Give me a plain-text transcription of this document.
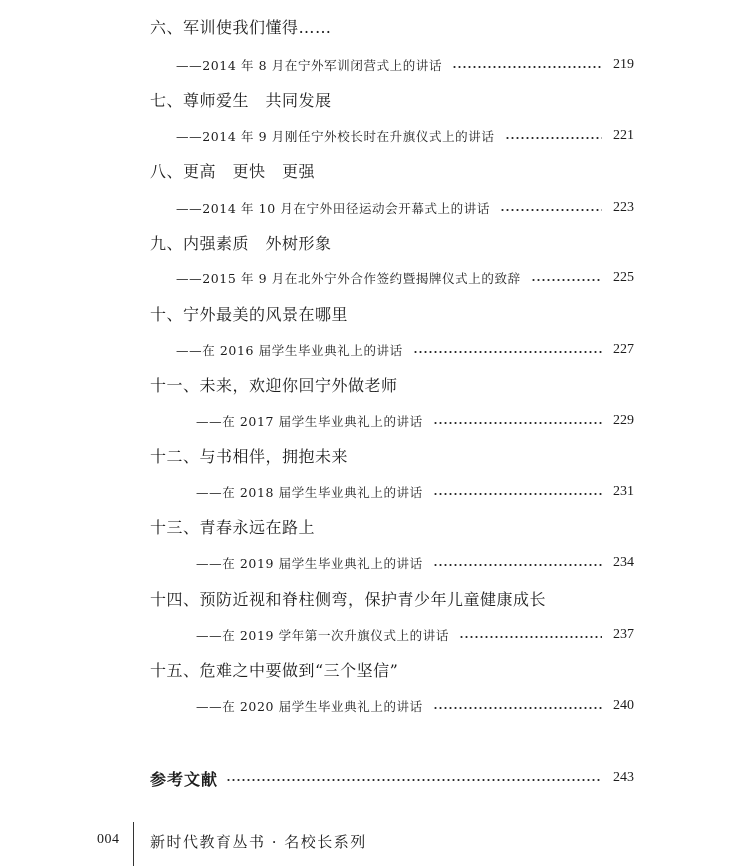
六、军训使我们懂得……
——2014 年 8 月在宁外军训闭营式上的讲话	219
七、尊师爱生　共同发展
——2014 年 9 月刚任宁外校长时在升旗仪式上的讲话	221
八、更高　更快　更强
——2014 年 10 月在宁外田径运动会开幕式上的讲话	223
九、内强素质　外树形象
——2015 年 9 月在北外宁外合作签约暨揭牌仪式上的致辞	225
十、宁外最美的风景在哪里
——在 2016 届学生毕业典礼上的讲话	227
十一、未来，欢迎你回宁外做老师
——在 2017 届学生毕业典礼上的讲话	229
十二、与书相伴，拥抱未来
——在 2018 届学生毕业典礼上的讲话	231
十三、青春永远在路上
——在 2019 届学生毕业典礼上的讲话	234
十四、预防近视和脊柱侧弯，保护青少年儿童健康成长
——在 2019 学年第一次升旗仪式上的讲话	237
十五、危难之中要做到“三个坚信”
——在 2020 届学生毕业典礼上的讲话	240
参考文献	243
004 新时代教育丛书 · 名校长系列
